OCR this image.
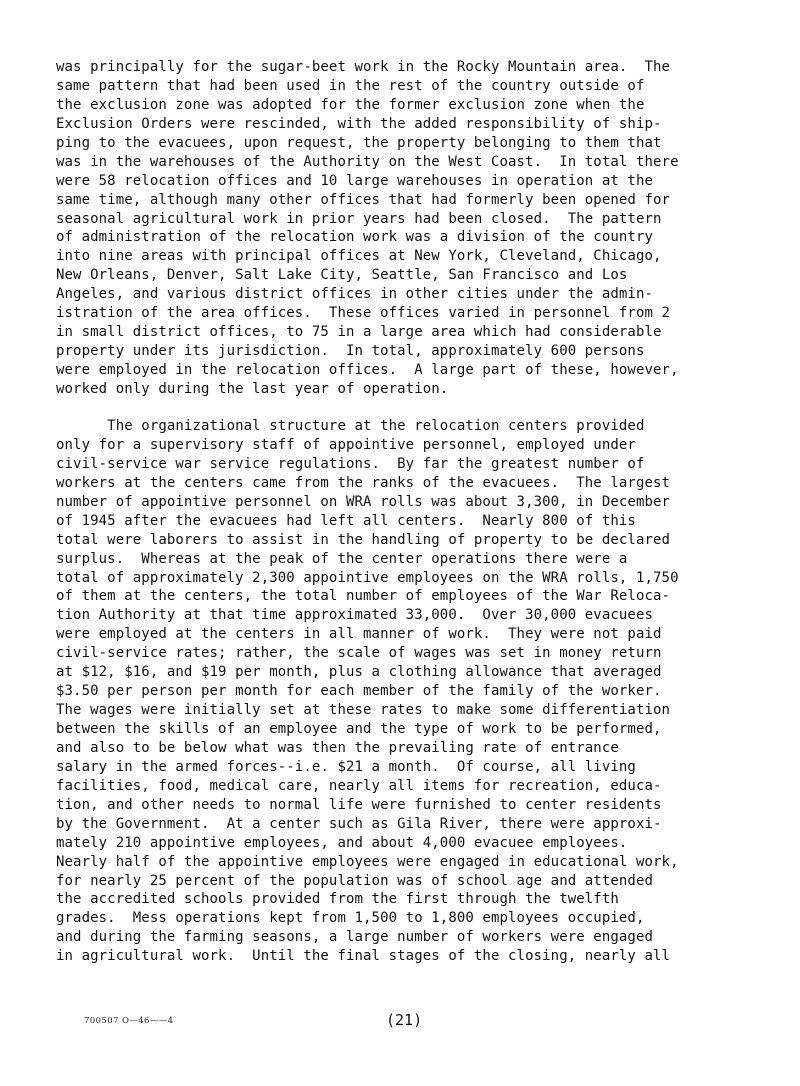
was principally for the sugar-beet work in the Rocky Mountain area.  The
same pattern that had been used in the rest of the country outside of
the exclusion zone was adopted for the former exclusion zone when the
Exclusion Orders were rescinded, with the added responsibility of ship-
ping to the evacuees, upon request, the property belonging to them that
was in the warehouses of the Authority on the West Coast.  In total there
were 58 relocation offices and 10 large warehouses in operation at the
same time, although many other offices that had formerly been opened for
seasonal agricultural work in prior years had been closed.  The pattern
of administration of the relocation work was a division of the country
into nine areas with principal offices at New York, Cleveland, Chicago,
New Orleans, Denver, Salt Lake City, Seattle, San Francisco and Los
Angeles, and various district offices in other cities under the admin-
istration of the area offices.  These offices varied in personnel from 2
in small district offices, to 75 in a large area which had considerable
property under its jurisdiction.  In total, approximately 600 persons
were employed in the relocation offices.  A large part of these, however,
worked only during the last year of operation.
The organizational structure at the relocation centers provided
only for a supervisory staff of appointive personnel, employed under
civil-service war service regulations.  By far the greatest number of
workers at the centers came from the ranks of the evacuees.  The largest
number of appointive personnel on WRA rolls was about 3,300, in December
of 1945 after the evacuees had left all centers.  Nearly 800 of this
total were laborers to assist in the handling of property to be declared
surplus.  Whereas at the peak of the center operations there were a
total of approximately 2,300 appointive employees on the WRA rolls, 1,750
of them at the centers, the total number of employees of the War Reloca-
tion Authority at that time approximated 33,000.  Over 30,000 evacuees
were employed at the centers in all manner of work.  They were not paid
civil-service rates; rather, the scale of wages was set in money return
at $12, $16, and $19 per month, plus a clothing allowance that averaged
$3.50 per person per month for each member of the family of the worker.
The wages were initially set at these rates to make some differentiation
between the skills of an employee and the type of work to be performed,
and also to be below what was then the prevailing rate of entrance
salary in the armed forces--i.e. $21 a month.  Of course, all living
facilities, food, medical care, nearly all items for recreation, educa-
tion, and other needs to normal life were furnished to center residents
by the Government.  At a center such as Gila River, there were approxi-
mately 210 appointive employees, and about 4,000 evacuee employees.
Nearly half of the appointive employees were engaged in educational work,
for nearly 25 percent of the population was of school age and attended
the accredited schools provided from the first through the twelfth
grades.  Mess operations kept from 1,500 to 1,800 employees occupied,
and during the farming seasons, a large number of workers were engaged
in agricultural work.  Until the final stages of the closing, nearly all
700507 O—46——4	(21)
